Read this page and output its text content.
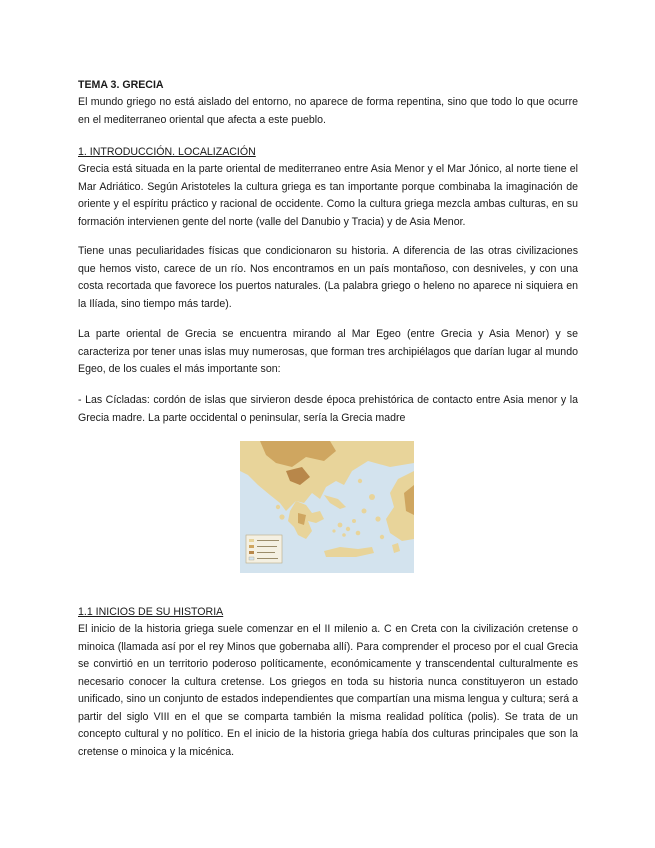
TEMA 3. GRECIA

El mundo griego no está aislado del entorno, no aparece de forma repentina, sino que todo lo que ocurre en el mediterraneo oriental que afecta a este pueblo.

1. INTRODUCCIÓN. LOCALIZACIÓN

Grecia está situada en la parte oriental de mediterraneo entre Asia Menor y el Mar Jónico, al norte tiene el Mar Adriático. Según Aristoteles la cultura griega es tan importante porque combinaba la imaginación de oriente y el espíritu práctico y racional de occidente. Como la cultura griega mezcla ambas culturas, en su formación intervienen gente del norte (valle del Danubio y Tracia) y de Asia Menor.

Tiene unas peculiaridades físicas que condicionaron su historia. A diferencia de las otras civilizaciones que hemos visto, carece de un río. Nos encontramos en un país montañoso, con desniveles, y con una costa recortada que favorece los puertos naturales. (La palabra griego o heleno no aparece ni siquiera en la Ilíada, sino tiempo más tarde).

La parte oriental de Grecia se encuentra mirando al Mar Egeo (entre Grecia y Asia Menor) y se caracteriza por tener unas islas muy numerosas, que forman tres archipiélagos que darían lugar al mundo Egeo, de los cuales el más importante son:

- Las Cícladas: cordón de islas que sirvieron desde época prehistórica de contacto entre Asia menor y la Grecia madre. La parte occidental o peninsular, sería la Grecia madre

1.1 INICIOS DE SU HISTORIA

El inicio de la historia griega suele comenzar en el II milenio a. C en Creta con la civilización cretense o minoica (llamada así por el rey Minos que gobernaba allí). Para comprender el proceso por el cual Grecia se convirtió en un territorio poderoso políticamente, económicamente y transcendental culturalmente es necesario conocer la cultura cretense. Los griegos en toda su historia nunca constituyeron un estado unificado, sino un conjunto de estados independientes que compartían una misma lengua y cultura; será a partir del siglo VIII en el que se comparta también la misma realidad política (polis). Se trata de un concepto cultural y no político. En el inicio de la historia griega había dos culturas principales que son la cretense o minoica y la micénica.
